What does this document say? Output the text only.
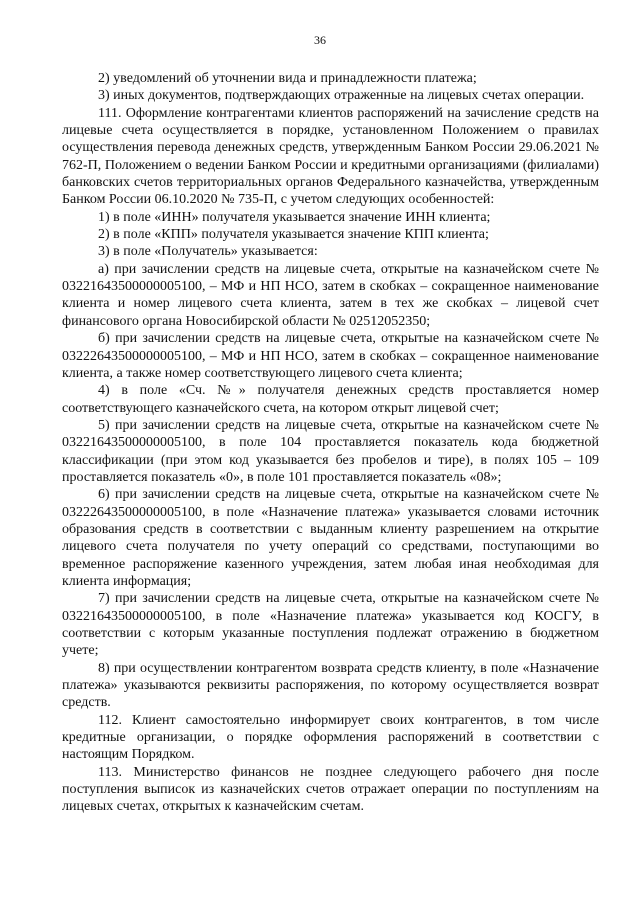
36

2) уведомлений об уточнении вида и принадлежности платежа;

3) иных документов, подтверждающих отраженные на лицевых счетах операции.

111. Оформление контрагентами клиентов распоряжений на зачисление средств на лицевые счета осуществляется в порядке, установленном Положением о правилах осуществления перевода денежных средств, утвержденным Банком России 29.06.2021 № 762-П, Положением о ведении Банком России и кредитными организациями (филиалами) банковских счетов территориальных органов Федерального казначейства, утвержденным Банком России 06.10.2020 № 735-П, с учетом следующих особенностей:

1) в поле «ИНН» получателя указывается значение ИНН клиента;

2) в поле «КПП» получателя указывается значение КПП клиента;

3) в поле «Получатель» указывается:

а) при зачислении средств на лицевые счета, открытые на казначейском счете № 03221643500000005100, – МФ и НП НСО, затем в скобках – сокращенное наименование клиента и номер лицевого счета клиента, затем в тех же скобках – лицевой счет финансового органа Новосибирской области № 02512052350;

б) при зачислении средств на лицевые счета, открытые на казначейском счете № 03222643500000005100, – МФ и НП НСО, затем в скобках – сокращенное наименование клиента, а также номер соответствующего лицевого счета клиента;

4) в поле «Сч. №» получателя денежных средств проставляется номер соответствующего казначейского счета, на котором открыт лицевой счет;

5) при зачислении средств на лицевые счета, открытые на казначейском счете № 03221643500000005100, в поле 104 проставляется показатель кода бюджетной классификации (при этом код указывается без пробелов и тире), в полях 105 – 109 проставляется показатель «0», в поле 101 проставляется показатель «08»;

6) при зачислении средств на лицевые счета, открытые на казначейском счете № 03222643500000005100, в поле «Назначение платежа» указывается словами источник образования средств в соответствии с выданным клиенту разрешением на открытие лицевого счета получателя по учету операций со средствами, поступающими во временное распоряжение казенного учреждения, затем любая иная необходимая для клиента информация;

7) при зачислении средств на лицевые счета, открытые на казначейском счете № 03221643500000005100, в поле «Назначение платежа» указывается код КОСГУ, в соответствии с которым указанные поступления подлежат отражению в бюджетном учете;

8) при осуществлении контрагентом возврата средств клиенту, в поле «Назначение платежа» указываются реквизиты распоряжения, по которому осуществляется возврат средств.

112. Клиент самостоятельно информирует своих контрагентов, в том числе кредитные организации, о порядке оформления распоряжений в соответствии с настоящим Порядком.

113. Министерство финансов не позднее следующего рабочего дня после поступления выписок из казначейских счетов отражает операции по поступлениям на лицевых счетах, открытых к казначейским счетам.
